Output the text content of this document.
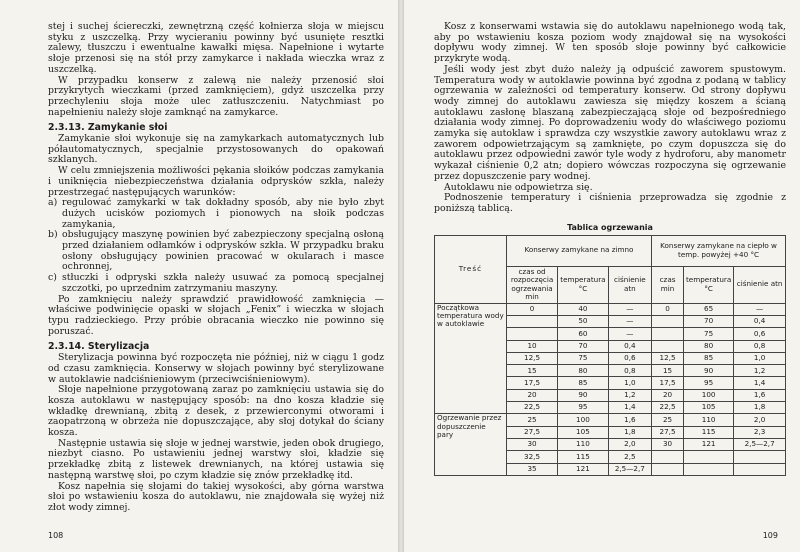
stej i suchej ściereczki, zewnętrzną część kołnierza słoja w miejscu styku z uszczelką. Przy wycieraniu powinny być usunięte resztki zalewy, tłuszczu i ewentualne kawałki mięsa. Napełnione i wytarte słoje przenosi się na stół przy zamykarce i nakłada wieczka wraz z uszczelką.

W przypadku konserw z zalewą nie należy przenosić słoi przykrytych wieczkami (przed zamknięciem), gdyż uszczelka przy przechyleniu słoja może ulec zatłuszczeniu. Natychmiast po napełnieniu należy słoje zamknąć na zamykarce.

2.3.13. Zamykanie słoi

Zamykanie słoi wykonuje się na zamykarkach automatycznych lub półautomatycznych, specjalnie przystosowanych do opakowań szklanych.

W celu zmniejszenia możliwości pękania słoików podczas zamykania i uniknięcia niebezpieczeństwa działania odprysków szkła, należy przestrzegać następujących warunków:

a) regulować zamykarki w tak dokładny sposób, aby nie było zbyt dużych ucisków poziomych i pionowych na słoik podczas zamykania,
b) obsługujący maszynę powinien być zabezpieczony specjalną osłoną przed działaniem odłamków i odprysków szkła. W przypadku braku osłony obsługujący powinien pracować w okularach i masce ochronnej,
c) stłuczki i odpryski szkła należy usuwać za pomocą specjalnej szczotki, po uprzednim zatrzymaniu maszyny.

Po zamknięciu należy sprawdzić prawidłowość zamknięcia — właściwe podwinięcie opaski w słojach „Fenix” i wieczka w słojach typu radzieckiego. Przy próbie obracania wieczko nie powinno się poruszać.

2.3.14. Sterylizacja

Sterylizacja powinna być rozpoczęta nie później, niż w ciągu 1 godz od czasu zamknięcia. Konserwy w słojach powinny być sterylizowane w autoklawie nadciśnieniowym (przeciwciśnieniowym).

Słoje napełnione przygotowaną zaraz po zamknięciu ustawia się do kosza autoklawu w następujący sposób: na dno kosza kładzie się wkładkę drewnianą, zbitą z desek, z przewierconymi otworami i zaopatrzoną w obrzeża nie dopuszczające, aby słoj dotykał do ściany kosza.

Następnie ustawia się słoje w jednej warstwie, jeden obok drugiego, niezbyt ciasno. Po ustawieniu jednej warstwy słoi, kładzie się przekładkę zbitą z listewek drewnianych, na której ustawia się następną warstwę słoi, po czym kładzie się znów przekładkę itd.

Kosz napełnia się słojami do takiej wysokości, aby górna warstwa słoi po wstawieniu kosza do autoklawu, nie znajdowała się wyżej niż złot wody zimnej.

108

Kosz z konserwami wstawia się do autoklawu napełnionego wodą tak, aby po wstawieniu kosza poziom wody znajdował się na wysokości dopływu wody zimnej. W ten sposób słoje powinny być całkowicie przykryte wodą.

Jeśli wody jest zbyt dużo należy ją odpuścić zaworem spustowym. Temperatura wody w autoklawie powinna być zgodna z podaną w tablicy ogrzewania w zależności od temperatury konserw. Od strony dopływu wody zimnej do autoklawu zawiesza się między koszem a ścianą autoklawu zasłonę blaszaną zabezpieczającą słoje od bezpośredniego działania wody zimnej. Po doprowadzeniu wody do właściwego poziomu zamyka się autoklaw i sprawdza czy wszystkie zawory autoklawu wraz z zaworem odpowietrzającym są zamknięte, po czym dopuszcza się do autoklawu przez odpowiedni zawór tyle wody z hydroforu, aby manometr wykazał ciśnienie 0,2 atn; dopiero wówczas rozpoczyna się ogrzewanie przez dopuszczenie pary wodnej.

Autoklawu nie odpowietrza się.

Podnoszenie temperatury i ciśnienia przeprowadza się zgodnie z poniższą tablicą.

Tablica ogrzewania
Treść	Konserwy zamykane na zimno			Konserwy zamykane na ciepło w temp. powyżej +40 °C		
	czas od rozpoczęcia ogrzewania min	temperatura °C	ciśnienie atn	czas min	temperatura °C	ciśnienie atn
Początkowa temperatura wody w autoklawie	0	40	—	0	65	—
		50	—		70	0,4
		60	—		75	0,6
	10	70	0,4		80	0,8
	12,5	75	0,6	12,5	85	1,0
	15	80	0,8	15	90	1,2
	17,5	85	1,0	17,5	95	1,4
	20	90	1,2	20	100	1,6
	22,5	95	1,4	22,5	105	1,8
Ogrzewanie przez dopuszczenie pary	25	100	1,6	25	110	2,0
	27,5	105	1,8	27,5	115	2,3
	30	110	2,0	30	121	2,5—2,7
	32,5	115	2,5			
	35	121	2,5—2,7			
109
